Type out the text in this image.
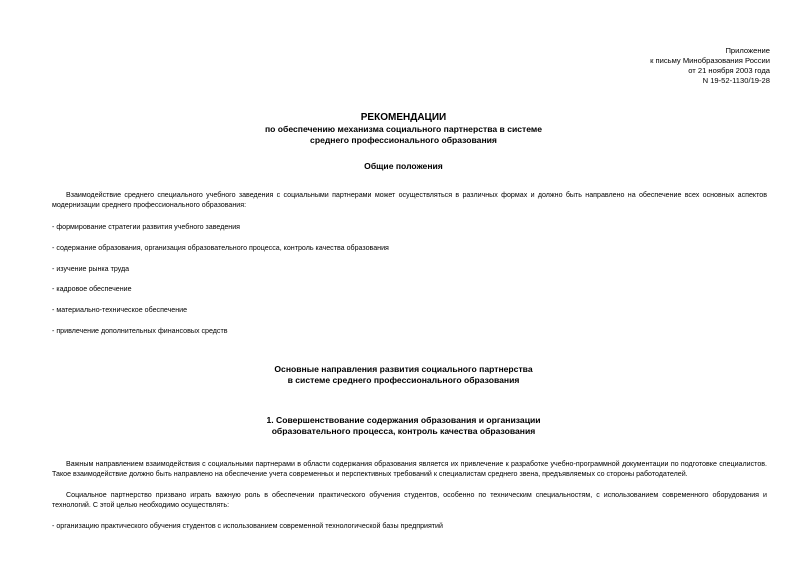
Приложение
к письму Минобразования России
от 21 ноября 2003 года
N 19-52-1130/19-28
РЕКОМЕНДАЦИИ
по обеспечению механизма социального партнерства в системе
среднего профессионального образования
Общие положения
Взаимодействие среднего специального учебного заведения с социальными партнерами может осуществляться в различных формах и должно быть направлено на обеспечение всех основных аспектов модернизации среднего профессионального образования:
- формирование стратегии развития учебного заведения
- содержание образования, организация образовательного процесса, контроль качества образования
- изучение рынка труда
- кадровое обеспечение
- материально-техническое обеспечение
- привлечение дополнительных финансовых средств
Основные направления развития социального партнерства
в системе среднего профессионального образования
1. Совершенствование содержания образования и организации
образовательного процесса, контроль качества образования
Важным направлением взаимодействия с социальными партнерами в области содержания образования является их привлечение к разработке учебно-программной документации по подготовке специалистов. Такое взаимодействие должно быть направлено на обеспечение учета современных и перспективных требований к специалистам среднего звена, предъявляемых со стороны работодателей.
Социальное партнерство призвано играть важную роль в обеспечении практического обучения студентов, особенно по техническим специальностям, с использованием современного оборудования и технологий. С этой целью необходимо осуществлять:
- организацию практического обучения студентов с использованием современной технологической базы предприятий
